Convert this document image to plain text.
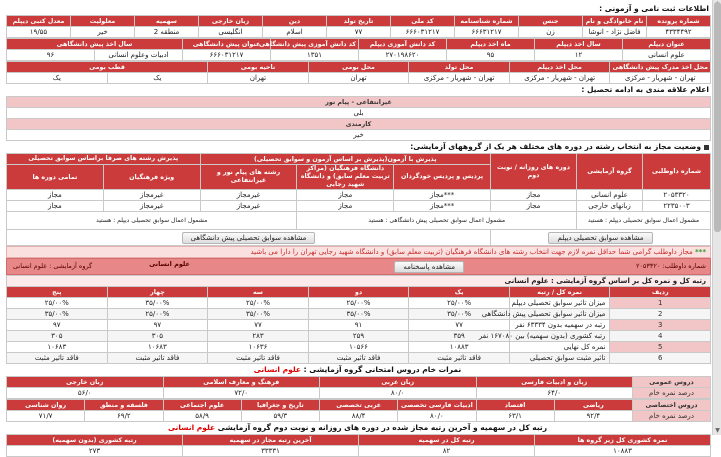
اطلاعات ثبت نامی و آزمونی :
شماره پرونده	نام خانوادگی و نام	جنس	شماره شناسنامه	کد ملی	تاریخ تولد	دین	زبان خارجی	سهمیه	معلولیت	معدل کتبی دیپلم
۴۳۳۴۴۹۲	فاضل نژاد - انوشا	زن	۶۶۶۳۱۲۱۷	۶۶۶۰۳۱۲۱۷	۷۷	اسلام	انگلیسی	منطقه 2	خیر	۱۹/۵۵
عنوان دیپلم	سال اخذ دیپلم	ماه اخذ دیپلم	کد دانش آموزی دیپلم	کد دانش آموزی پیش دانشگاهی	عنوان پیش دانشگاهی	سال اخذ پیش دانشگاهی	
علوم انسانی	۱۲	۹۵	۲۷۰۱۹۸۶۲۰	۱۳۵۱	۶۶۶۰۳۱۲۱۷	ادبیات وعلوم انسانی	۹۶
محل اخذ مدرک پیش دانشگاهی	محل اخذ دیپلم	محل تولد	محل بومی	ناحیه بومی	قطب بومی	
تهران - شهریار - مرکزی	تهران - شهریار - مرکزی	تهران - شهریار - مرکزی	تهران	تهران	یک	یک
اعلام علاقه مندی به ادامه تحصیل :
غیرانتفاعی - پیام نور
بلی
کارمندی
خیر
وضعیت مجاز به انتخاب رشته در دوره های مختلف هر یک از گروههای آزمایشی:
شماره داوطلبی	گروه آزمایشی	دوره های روزانه / نوبت دوم	پذیرش با آزمون(پذیرش بر اساس آزمون و سوابق تحصیلی)			پذیرش رشته های صرفا براساس سوابق تحصیلی	
			پردیس و پردیس خودگردان	دانشگاه فرهنگیان (مراکز تربیت معلم سابق) و دانشگاه شهید رجایی	رشته های پیام نور و غیرانتفاعی	ویژه فرهنگیان	تمامی دوره ها
۲۰۵۳۳۲۰	علوم انسانی	مجاز	***مجاز	مجاز	غیرمجاز	غیرمجاز	مجاز
۲۲۳۵۰۰۳	زبانهای خارجی	مجاز	***مجاز	مجاز	غیرمجاز	غیرمجاز	مجاز
مشمول اعمال سوابق تحصیلی دیپلم : هستید		مشمول اعمال سوابق تحصیلی پیش دانشگاهی : هستید			مشمول اعمال سوابق تحصیلی دیپلم : هستید		
مشاهده سوابق تحصیلی دیپلم			مشاهده سوابق تحصیلی پیش دانشگاهی				
*** مجاز داوطلب گرامی شما حداقل نمره لازم جهت انتخاب رشته های دانشگاه فرهنگیان (تربیت معلم سابق) و دانشگاه شهید رجایی تهران را دارا می باشید
شماره داوطلب: ۲۰۵۳۳۲۰
مشاهده پاسخنامه
علوم انسانی
گروه آزمایشی : علوم انسانی
رتبه کل و نمره کل بر اساس گروه آزمایشی : علوم انسانی						
ردیف	نمره کل / رتبه	یک	دو	سه	چهار	پنج
1	میزان تاثیر سوابق تحصیلی دیپلم	۲۵/۰۰%	۲۵/۰۰%	۲۵/۰۰%	۳۵/۰۰%	۲۵/۰۰%
2	میزان تاثیر سوابق تحصیلی پیش دانشگاهی	۳۵/۰۰%	۳۵/۰۰%	۳۵/۰۰%	۲۵/۰۰%	۳۵/۰۰%
3	رتبه در سهمیه بدون ۶۳۳۳۴ نفر	۷۷	۹۱	۷۷	۹۷	۹۷
4	رتبه کشوری (بدون سهمیه) بین ۱۶۷۰۸۰ نفر	۳۵۹	۲۵۹	۲۸۳	۳۰۵	۳۰۵
5	نمره کل نهایی	۱۰۸۸۳	۱۰۵۶۶	۱۰۶۳۶	۱۰۶۸۳	۱۰۶۸۳
6	تاثیر مثبت سوابق تحصیلی	فاقد تاثیر مثبت	فاقد تاثیر مثبت	فاقد تاثیر مثبت	فاقد تاثیر مثبت	فاقد تاثیر مثبت
نمرات خام دروس امتحانی گروه آزمایشی : علوم انسانی
دروس عمومی	زبان و ادبیات فارسی	زبان عربی	فرهنگ و معارف اسلامی	زبان خارجی
درصد نمره خام	۶۴/۰	۸۰/۰	۷۲/۰	۵۶/۰
دروس اختصاصی	ریاضی	اقتصاد	ادبیات فارسی تخصصی	عربی تخصصی	تاریخ و جغرافیا	علوم اجتماعی	فلسفه و منطق	روان شناسی
درصد نمره خام	۹۲/۴	۶۳/۱	۸۰/۰	۸۸/۴	۵۹/۳	۵۸/۹	۶۹/۲	۷۱/۷
رتبه کل در سهمیه و آخرین رتبه مجاز شده در دوره های روزانه و نوبت دوم گروه آزمایشی علوم انسانی
نمره کشوری کل زیر گروه ها	رتبه کل در سهمیه	آخرین رتبه مجاز در سهمیه	رتبه کشوری (بدون سهمیه)
۱۰۸۸۳	۸۲	۳۳۳۳۱	۲۷۳
▼
